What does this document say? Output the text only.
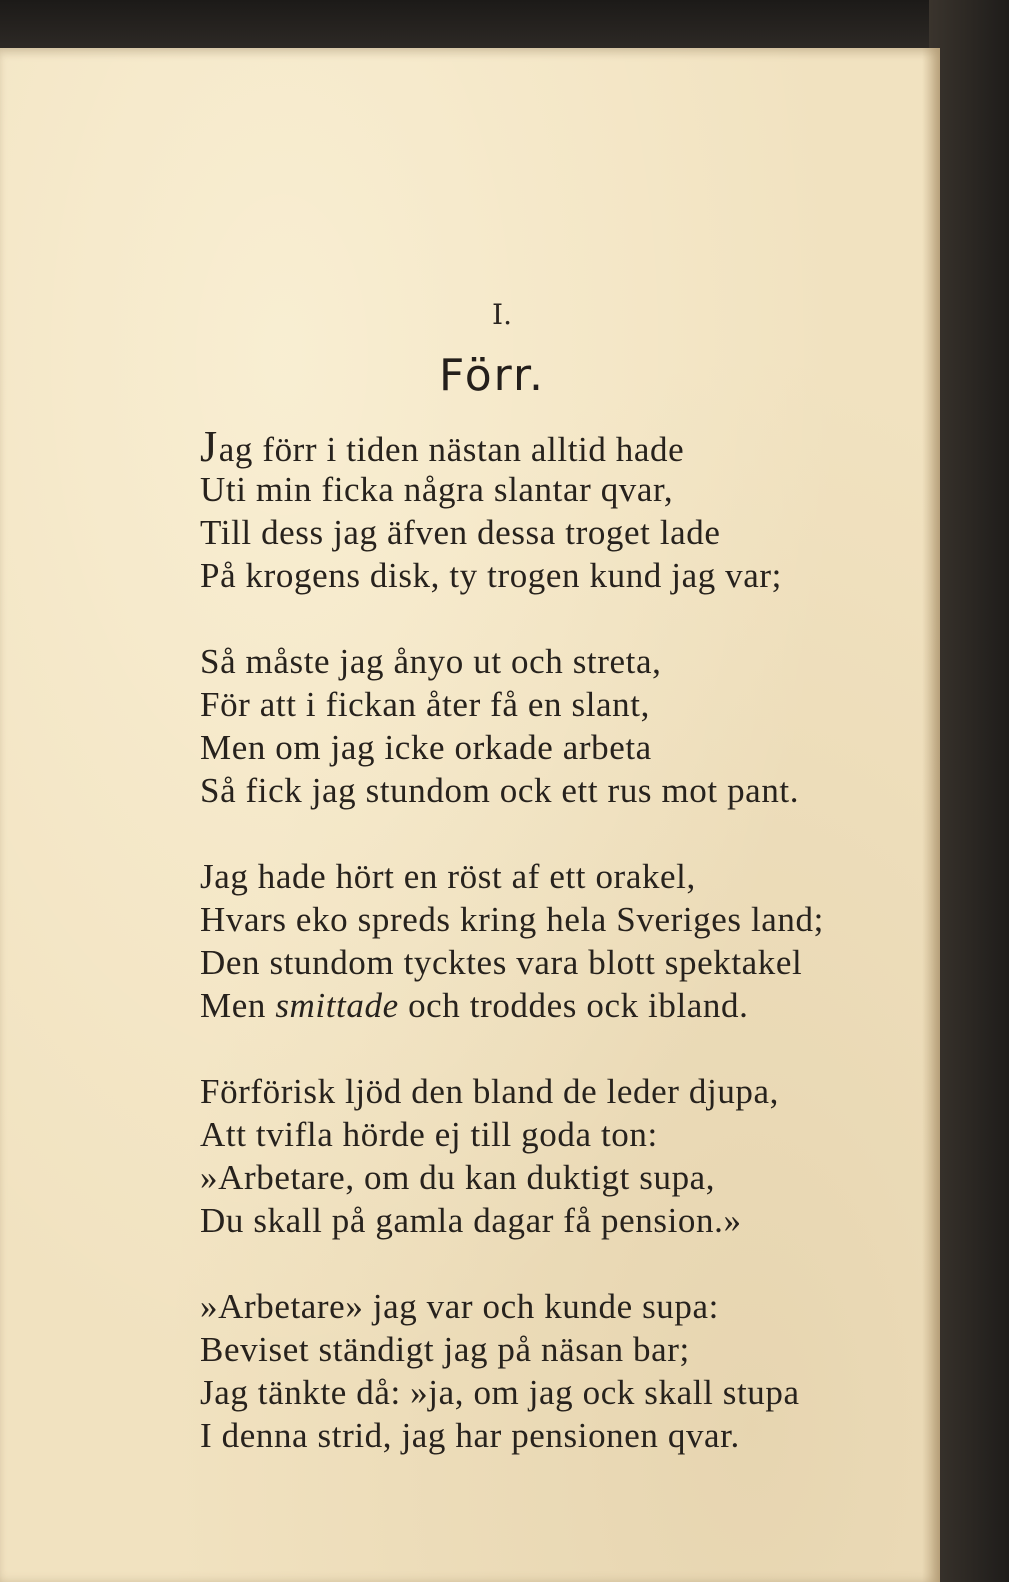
I.
Förr.
Jag förr i tiden nästan alltid hade
Uti min ficka några slantar qvar,
Till dess jag äfven dessa troget lade
På krogens disk, ty trogen kund jag var;
Så måste jag ånyo ut och streta,
För att i fickan åter få en slant,
Men om jag icke orkade arbeta
Så fick jag stundom ock ett rus mot pant.
Jag hade hört en röst af ett orakel,
Hvars eko spreds kring hela Sveriges land;
Den stundom tycktes vara blott spektakel
Men smittade och troddes ock ibland.
Förförisk ljöd den bland de leder djupa,
Att tvifla hörde ej till goda ton:
»Arbetare, om du kan duktigt supa,
Du skall på gamla dagar få pension.»
»Arbetare» jag var och kunde supa:
Beviset ständigt jag på näsan bar;
Jag tänkte då: »ja, om jag ock skall stupa
I denna strid, jag har pensionen qvar.
